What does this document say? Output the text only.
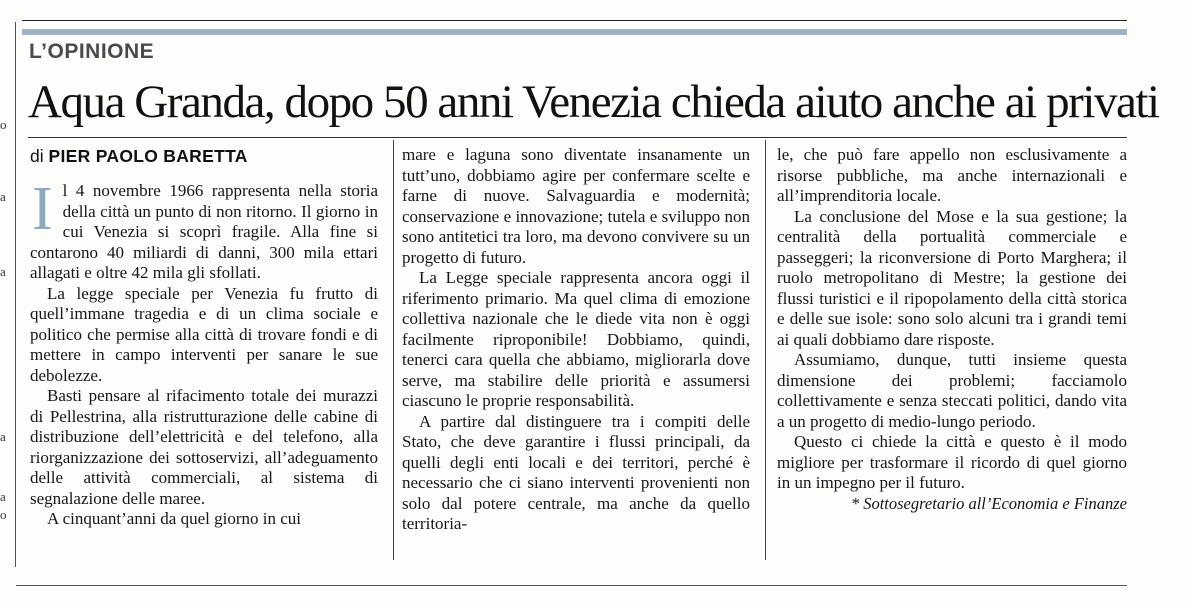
o
a
a
a
a
o
L’OPINIONE
Aqua Granda, dopo 50 anni Venezia chieda aiuto anche ai privati
di PIER PAOLO BARETTA

I l 4 novembre 1966 rappresenta nella storia della città un punto di non ritorno. Il giorno in cui Venezia si scoprì fragile. Alla fine si contarono 40 miliardi di danni, 300 mila ettari allagati e oltre 42 mila gli sfollati.

La legge speciale per Venezia fu frutto di quell’immane tragedia e di un clima sociale e politico che permise alla città di trovare fondi e di mettere in campo interventi per sanare le sue debolezze.

Basti pensare al rifacimento totale dei murazzi di Pellestrina, alla ristrutturazione delle cabine di distribuzione dell’elettricità e del telefono, alla riorganizzazione dei sottoservizi, all’adeguamento delle attività commerciali, al sistema di segnalazione delle maree.

A cinquant’anni da quel giorno in cui

mare e laguna sono diventate insanamente un tutt’uno, dobbiamo agire per confermare scelte e farne di nuove. Salvaguardia e modernità; conservazione e innovazione; tutela e sviluppo non sono antitetici tra loro, ma devono convivere su un progetto di futuro.

La Legge speciale rappresenta ancora oggi il riferimento primario. Ma quel clima di emozione collettiva nazionale che le diede vita non è oggi facilmente riproponibile! Dobbiamo, quindi, tenerci cara quella che abbiamo, migliorarla dove serve, ma stabilire delle priorità e assumersi ciascuno le proprie responsabilità.

A partire dal distinguere tra i compiti delle Stato, che deve garantire i flussi principali, da quelli degli enti locali e dei territori, perché è necessario che ci siano interventi provenienti non solo dal potere centrale, ma anche da quello territoria-

le, che può fare appello non esclusivamente a risorse pubbliche, ma anche internazionali e all’imprenditoria locale.

La conclusione del Mose e la sua gestione; la centralità della portualità commerciale e passeggeri; la riconversione di Porto Marghera; il ruolo metropolitano di Mestre; la gestione dei flussi turistici e il ripopolamento della città storica e delle sue isole: sono solo alcuni tra i grandi temi ai quali dobbiamo dare risposte.

Assumiamo, dunque, tutti insieme questa dimensione dei problemi; facciamolo collettivamente e senza steccati politici, dando vita a un progetto di medio-lungo periodo.

Questo ci chiede la città e questo è il modo migliore per trasformare il ricordo di quel giorno in un impegno per il futuro.

* Sottosegretario all’Economia e Finanze
